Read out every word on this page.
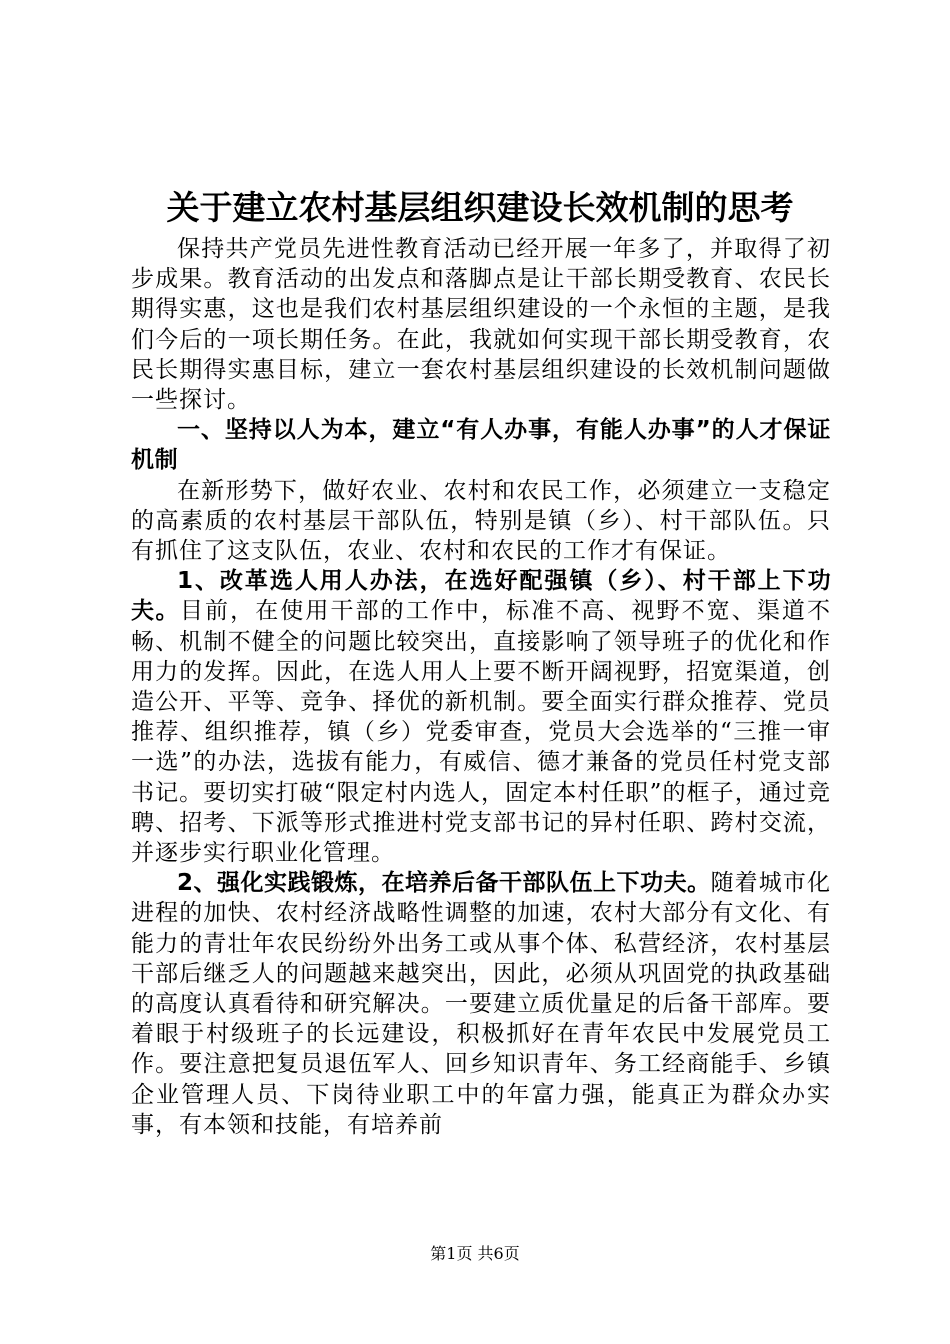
关于建立农村基层组织建设长效机制的思考

保持共产党员先进性教育活动已经开展一年多了，并取得了初步成果。教育活动的出发点和落脚点是让干部长期受教育、农民长期得实惠，这也是我们农村基层组织建设的一个永恒的主题，是我们今后的一项长期任务。在此，我就如何实现干部长期受教育，农民长期得实惠目标，建立一套农村基层组织建设的长效机制问题做一些探讨。

一、坚持以人为本，建立“有人办事，有能人办事”的人才保证机制

在新形势下，做好农业、农村和农民工作，必须建立一支稳定的高素质的农村基层干部队伍，特别是镇（乡）、村干部队伍。只有抓住了这支队伍，农业、农村和农民的工作才有保证。

1、改革选人用人办法，在选好配强镇（乡）、村干部上下功夫。目前，在使用干部的工作中，标准不高、视野不宽、渠道不畅、机制不健全的问题比较突出，直接影响了领导班子的优化和作用力的发挥。因此，在选人用人上要不断开阔视野，招宽渠道，创造公开、平等、竞争、择优的新机制。要全面实行群众推荐、党员推荐、组织推荐，镇（乡）党委审查，党员大会选举的“三推一审一选”的办法，选拔有能力，有威信、德才兼备的党员任村党支部书记。要切实打破“限定村内选人，固定本村任职”的框子，通过竞聘、招考、下派等形式推进村党支部书记的异村任职、跨村交流，并逐步实行职业化管理。

2、强化实践锻炼，在培养后备干部队伍上下功夫。随着城市化进程的加快、农村经济战略性调整的加速，农村大部分有文化、有能力的青壮年农民纷纷外出务工或从事个体、私营经济，农村基层干部后继乏人的问题越来越突出，因此，必须从巩固党的执政基础的高度认真看待和研究解决。一要建立质优量足的后备干部库。要着眼于村级班子的长远建设，积极抓好在青年农民中发展党员工作。要注意把复员退伍军人、回乡知识青年、务工经商能手、乡镇企业管理人员、下岗待业职工中的年富力强，能真正为群众办实事，有本领和技能，有培养前

第1页 共6页
